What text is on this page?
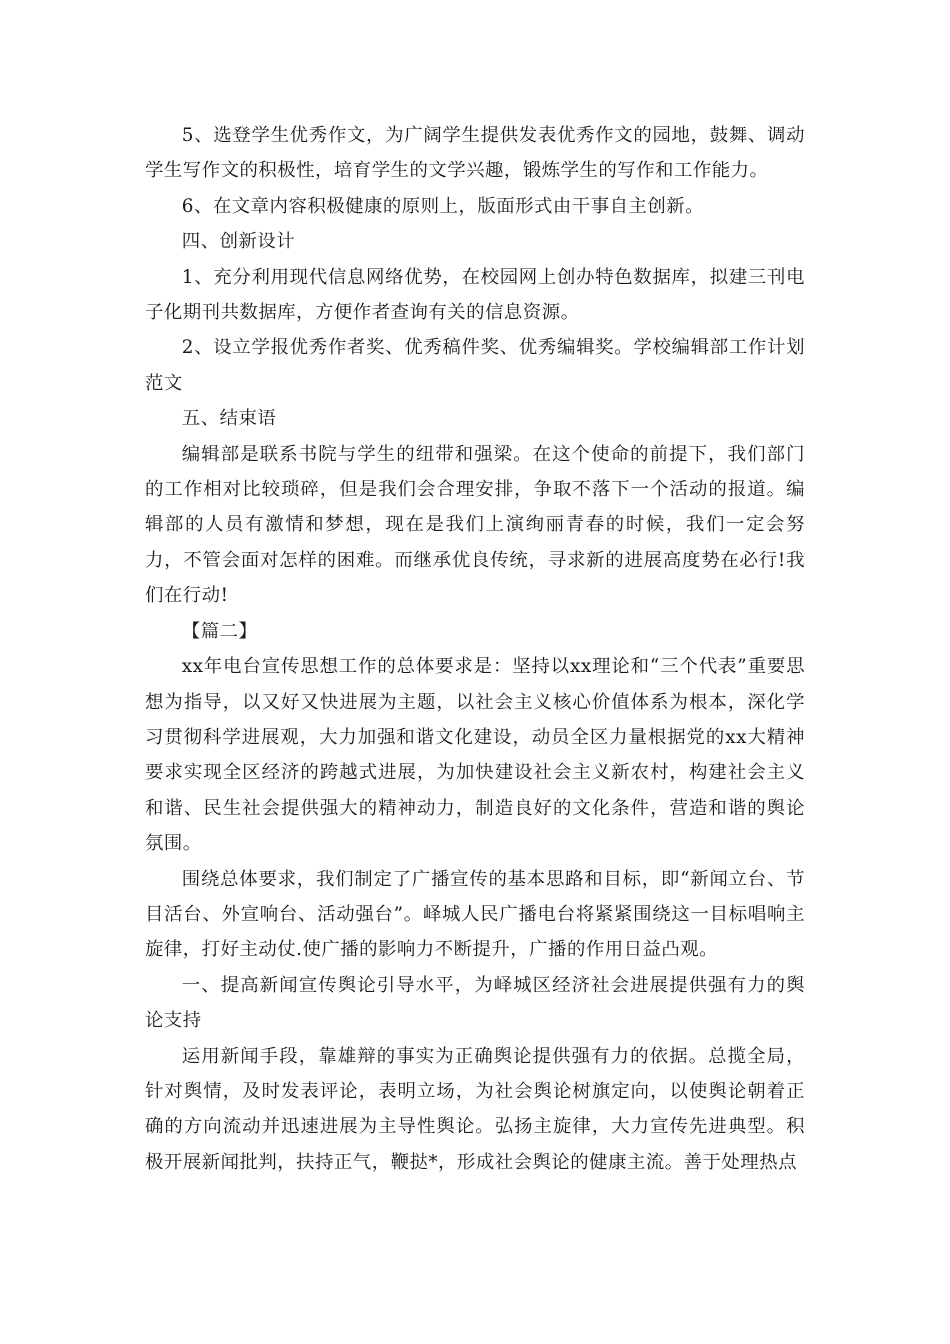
5、选登学生优秀作文，为广阔学生提供发表优秀作文的园地，鼓舞、调动学生写作文的积极性，培育学生的文学兴趣，锻炼学生的写作和工作能力。

6、在文章内容积极健康的原则上，版面形式由干事自主创新。

四、创新设计

1、充分利用现代信息网络优势，在校园网上创办特色数据库，拟建三刊电子化期刊共数据库，方便作者查询有关的信息资源。

2、设立学报优秀作者奖、优秀稿件奖、优秀编辑奖。学校编辑部工作计划范文

五、结束语

编辑部是联系书院与学生的纽带和强梁。在这个使命的前提下，我们部门的工作相对比较琐碎，但是我们会合理安排，争取不落下一个活动的报道。编辑部的人员有激情和梦想，现在是我们上演绚丽青春的时候，我们一定会努力，不管会面对怎样的困难。而继承优良传统，寻求新的进展高度势在必行!我们在行动!

【篇二】

xx年电台宣传思想工作的总体要求是：坚持以xx理论和“三个代表”重要思想为指导，以又好又快进展为主题，以社会主义核心价值体系为根本，深化学习贯彻科学进展观，大力加强和谐文化建设，动员全区力量根据党的xx大精神要求实现全区经济的跨越式进展，为加快建设社会主义新农村，构建社会主义和谐、民生社会提供强大的精神动力，制造良好的文化条件，营造和谐的舆论氛围。

围绕总体要求，我们制定了广播宣传的基本思路和目标，即“新闻立台、节目活台、外宣响台、活动强台”。峄城人民广播电台将紧紧围绕这一目标唱响主旋律，打好主动仗.使广播的影响力不断提升，广播的作用日益凸观。

一、提高新闻宣传舆论引导水平，为峄城区经济社会进展提供强有力的舆论支持

运用新闻手段，靠雄辩的事实为正确舆论提供强有力的依据。总揽全局，针对舆情，及时发表评论，表明立场，为社会舆论树旗定向，以使舆论朝着正确的方向流动并迅速进展为主导性舆论。弘扬主旋律，大力宣传先进典型。积极开展新闻批判，扶持正气，鞭挞*，形成社会舆论的健康主流。善于处理热点
